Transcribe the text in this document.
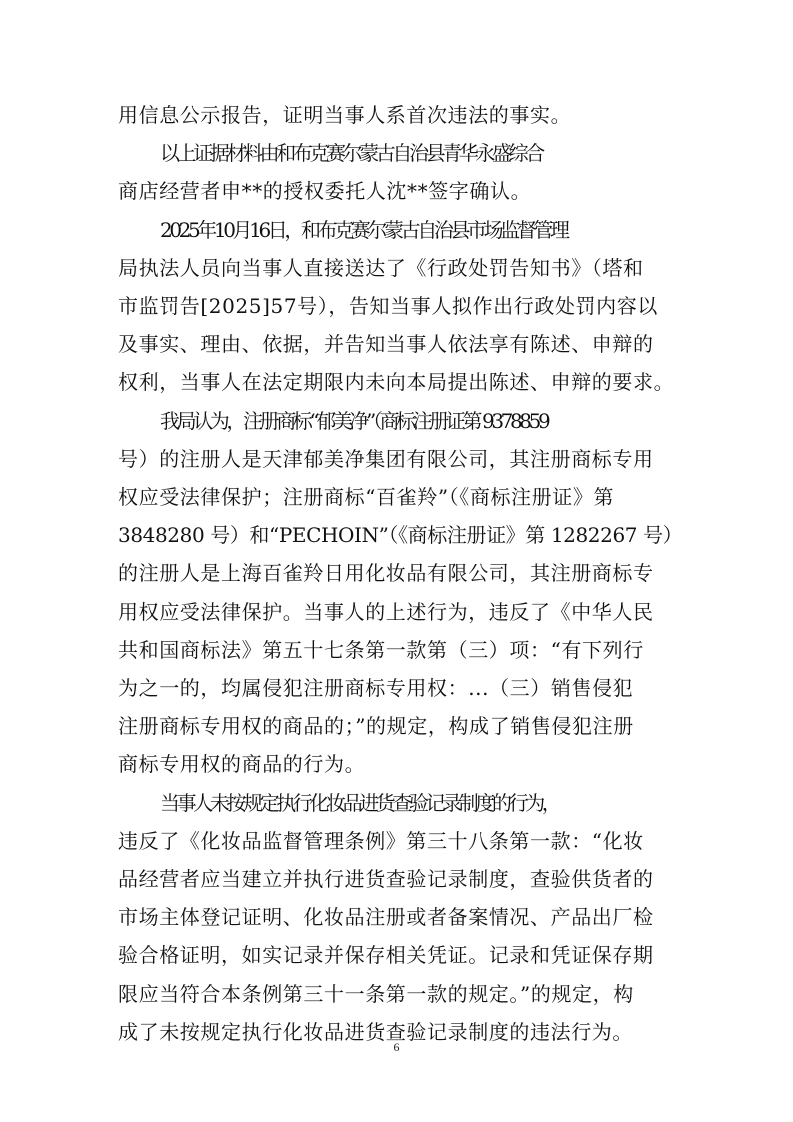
用信息公示报告，证明当事人系首次违法的事实。

以上证据材料由和布克赛尔蒙古自治县青华永盛综合
商店经营者申**的授权委托人沈**签字确认。

2025年10月16日，和布克赛尔蒙古自治县市场监督管理
局执法人员向当事人直接送达了《行政处罚告知书》（塔和
市监罚告[2025]57号），告知当事人拟作出行政处罚内容以
及事实、理由、依据，并告知当事人依法享有陈述、申辩的
权利，当事人在法定期限内未向本局提出陈述、申辩的要求。

我局认为，注册商标“郁美净”（商标注册证第 9378859
号）的注册人是天津郁美净集团有限公司，其注册商标专用
权应受法律保护；注册商标“百雀羚”（《商标注册证》第
3848280 号）和“PECHOIN”（《商标注册证》第 1282267 号）
的注册人是上海百雀羚日用化妆品有限公司，其注册商标专
用权应受法律保护。当事人的上述行为，违反了《中华人民
共和国商标法》第五十七条第一款第（三）项：“有下列行
为之一的，均属侵犯注册商标专用权：...（三）销售侵犯
注册商标专用权的商品的；”的规定，构成了销售侵犯注册
商标专用权的商品的行为。

当事人未按规定执行化妆品进货查验记录制度的行为，
违反了《化妆品监督管理条例》第三十八条第一款：“化妆
品经营者应当建立并执行进货查验记录制度，查验供货者的
市场主体登记证明、化妆品注册或者备案情况、产品出厂检
验合格证明，如实记录并保存相关凭证。记录和凭证保存期
限应当符合本条例第三十一条第一款的规定。”的规定，构
成了未按规定执行化妆品进货查验记录制度的违法行为。

6
